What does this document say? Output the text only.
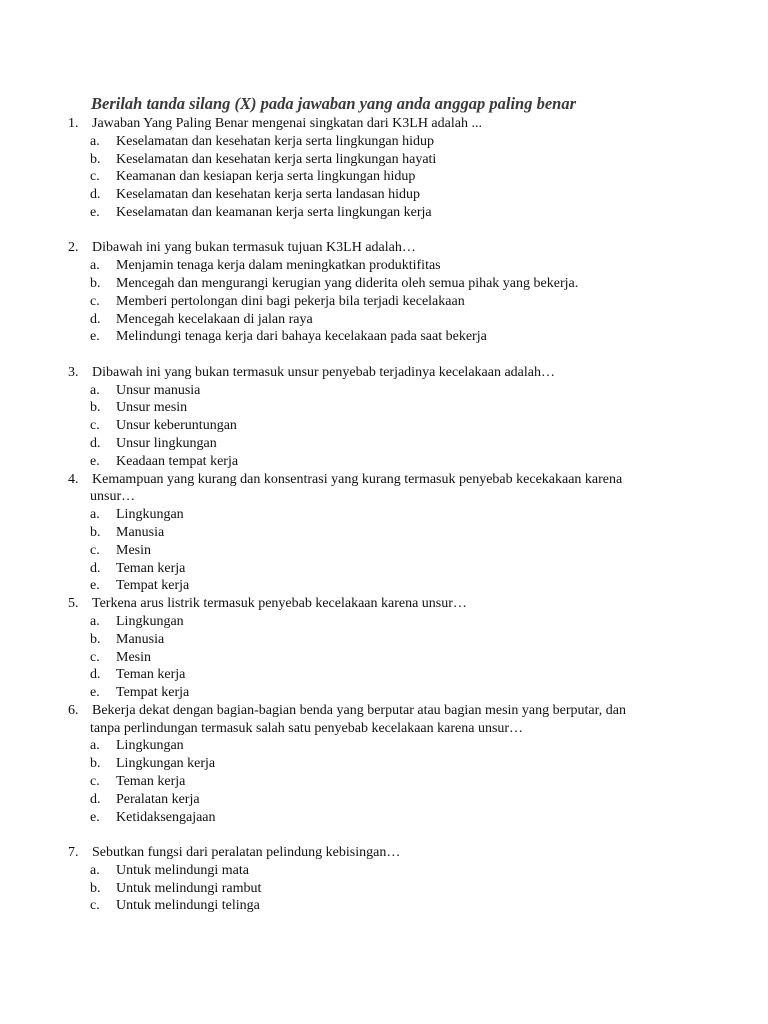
Berilah tanda silang (X) pada jawaban yang anda anggap paling benar
1. Jawaban Yang Paling Benar mengenai singkatan dari K3LH adalah ...
a.	Keselamatan dan kesehatan kerja serta lingkungan hidup
b.	Keselamatan dan kesehatan kerja serta lingkungan hayati
c.	Keamanan dan kesiapan kerja serta lingkungan hidup
d.	Keselamatan dan kesehatan kerja serta landasan hidup
e.	Keselamatan dan keamanan kerja serta lingkungan kerja
2. Dibawah ini yang bukan termasuk tujuan K3LH adalah…
a.	Menjamin tenaga kerja dalam meningkatkan produktifitas
b.	Mencegah dan mengurangi kerugian yang diderita oleh semua pihak yang bekerja.
c.	Memberi pertolongan dini bagi pekerja bila terjadi kecelakaan
d.	Mencegah kecelakaan di jalan raya
e.	Melindungi tenaga kerja dari bahaya kecelakaan pada saat bekerja
3. Dibawah ini yang bukan termasuk unsur penyebab terjadinya kecelakaan adalah…
a.	Unsur manusia
b.	Unsur mesin
c.	Unsur keberuntungan
d.	Unsur lingkungan
e.	Keadaan tempat kerja
4. Kemampuan yang kurang dan konsentrasi yang kurang termasuk penyebab kecekakaan karena
unsur…
a.	Lingkungan
b.	Manusia
c.	Mesin
d.	Teman kerja
e.	Tempat kerja
5. Terkena arus listrik termasuk penyebab kecelakaan karena unsur…
a.	Lingkungan
b.	Manusia
c.	Mesin
d.	Teman kerja
e.	Tempat kerja
6. Bekerja dekat dengan bagian-bagian benda yang berputar atau bagian mesin yang berputar, dan
tanpa perlindungan termasuk salah satu penyebab kecelakaan karena unsur…
a.	Lingkungan
b.	Lingkungan kerja
c.	Teman kerja
d.	Peralatan kerja
e.	Ketidaksengajaan
7. Sebutkan fungsi dari peralatan pelindung kebisingan…
a.	Untuk melindungi mata
b.	Untuk melindungi rambut
c.	Untuk melindungi telinga
